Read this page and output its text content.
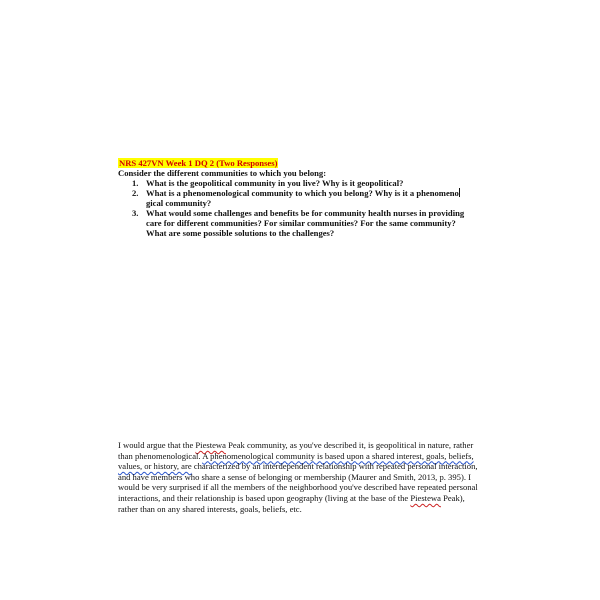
NRS 427VN Week 1 DQ 2 (Two Responses)

Consider the different communities to which you belong:

1. What is the geopolitical community in you live? Why is it geopolitical?
2. What is a phenomenological community to which you belong? Why is it a phenomenogical community?
3. What would some challenges and benefits be for community health nurses in providing care for different communities? For similar communities? For the same community? What are some possible solutions to the challenges?

I would argue that the Piestewa Peak community, as you've described it, is geopolitical in nature, rather than phenomenological. A phenomenological community is based upon a shared interest, goals, beliefs, values, or history, are characterized by an interdependent relationship with repeated personal interaction, and have members who share a sense of belonging or membership (Maurer and Smith, 2013, p. 395). I would be very surprised if all the members of the neighborhood you've described have repeated personal interactions, and their relationship is based upon geography (living at the base of the Piestewa Peak), rather than on any shared interests, goals, beliefs, etc.
